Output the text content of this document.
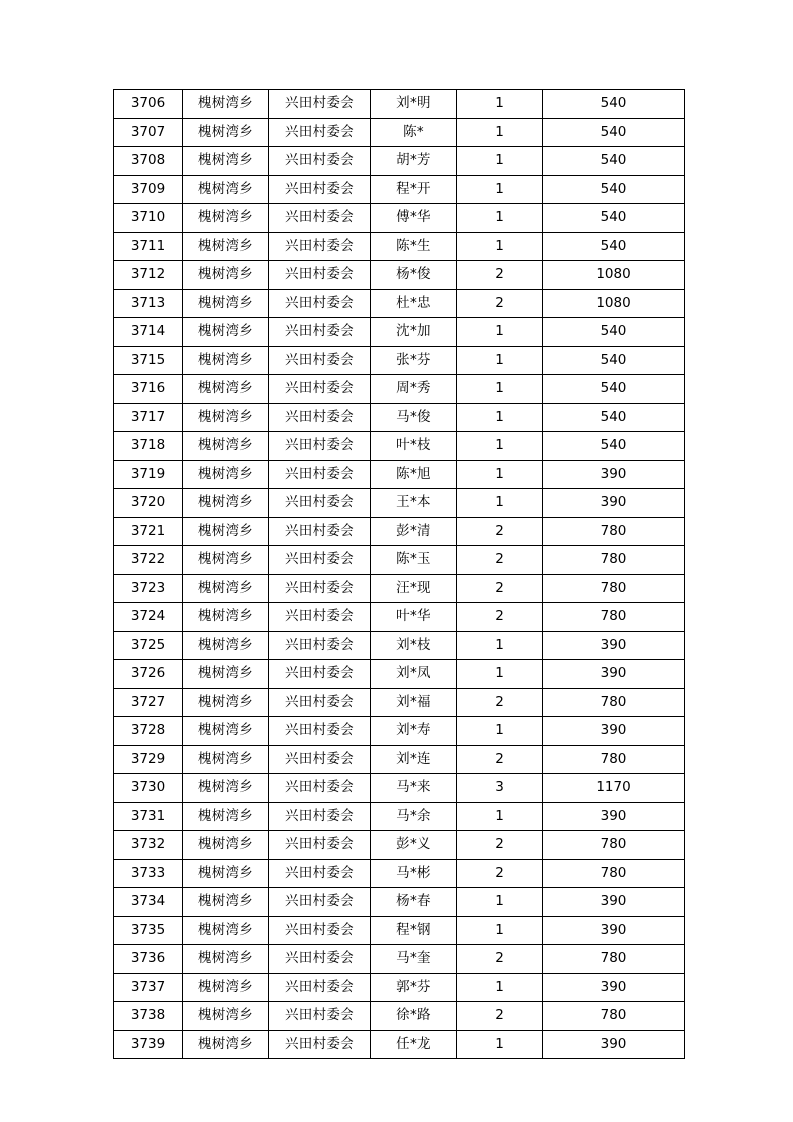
3706	槐树湾乡	兴田村委会	刘*明	1	540
3707	槐树湾乡	兴田村委会	陈*	1	540
3708	槐树湾乡	兴田村委会	胡*芳	1	540
3709	槐树湾乡	兴田村委会	程*开	1	540
3710	槐树湾乡	兴田村委会	傅*华	1	540
3711	槐树湾乡	兴田村委会	陈*生	1	540
3712	槐树湾乡	兴田村委会	杨*俊	2	1080
3713	槐树湾乡	兴田村委会	杜*忠	2	1080
3714	槐树湾乡	兴田村委会	沈*加	1	540
3715	槐树湾乡	兴田村委会	张*芬	1	540
3716	槐树湾乡	兴田村委会	周*秀	1	540
3717	槐树湾乡	兴田村委会	马*俊	1	540
3718	槐树湾乡	兴田村委会	叶*枝	1	540
3719	槐树湾乡	兴田村委会	陈*旭	1	390
3720	槐树湾乡	兴田村委会	王*本	1	390
3721	槐树湾乡	兴田村委会	彭*清	2	780
3722	槐树湾乡	兴田村委会	陈*玉	2	780
3723	槐树湾乡	兴田村委会	汪*现	2	780
3724	槐树湾乡	兴田村委会	叶*华	2	780
3725	槐树湾乡	兴田村委会	刘*枝	1	390
3726	槐树湾乡	兴田村委会	刘*凤	1	390
3727	槐树湾乡	兴田村委会	刘*福	2	780
3728	槐树湾乡	兴田村委会	刘*寿	1	390
3729	槐树湾乡	兴田村委会	刘*连	2	780
3730	槐树湾乡	兴田村委会	马*来	3	1170
3731	槐树湾乡	兴田村委会	马*余	1	390
3732	槐树湾乡	兴田村委会	彭*义	2	780
3733	槐树湾乡	兴田村委会	马*彬	2	780
3734	槐树湾乡	兴田村委会	杨*春	1	390
3735	槐树湾乡	兴田村委会	程*钢	1	390
3736	槐树湾乡	兴田村委会	马*奎	2	780
3737	槐树湾乡	兴田村委会	郭*芬	1	390
3738	槐树湾乡	兴田村委会	徐*路	2	780
3739	槐树湾乡	兴田村委会	任*龙	1	390
